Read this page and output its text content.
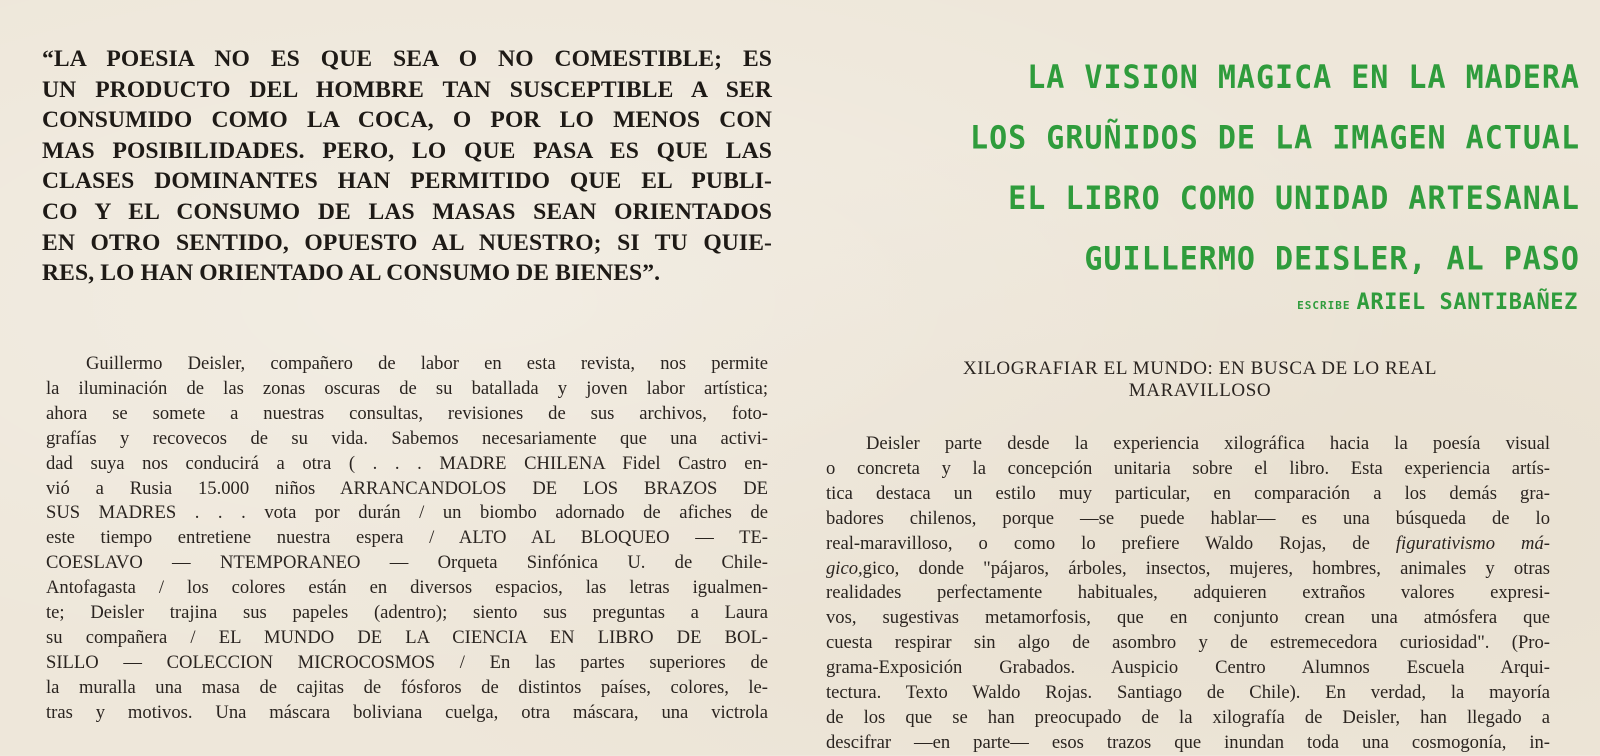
“LA POESIA NO ES QUE SEA O NO COMESTIBLE; ES
UN PRODUCTO DEL HOMBRE TAN SUSCEPTIBLE A SER
CONSUMIDO COMO LA COCA, O POR LO MENOS CON
MAS POSIBILIDADES. PERO, LO QUE PASA ES QUE LAS
CLASES DOMINANTES HAN PERMITIDO QUE EL PUBLI-
CO Y EL CONSUMO DE LAS MASAS SEAN ORIENTADOS
EN OTRO SENTIDO, OPUESTO AL NUESTRO; SI TU QUIE-
RES, LO HAN ORIENTADO AL CONSUMO DE BIENES”.
Guillermo Deisler, compañero de labor en esta revista, nos permite
la iluminación de las zonas oscuras de su batallada y joven labor artística;
ahora se somete a nuestras consultas, revisiones de sus archivos, foto-
grafías y recovecos de su vida. Sabemos necesariamente que una activi-
dad suya nos conducirá a otra ( . . . MADRE CHILENA Fidel Castro en-
vió a Rusia 15.000 niños ARRANCANDOLOS DE LOS BRAZOS DE
SUS MADRES . . . vota por durán / un biombo adornado de afiches de
este tiempo entretiene nuestra espera / ALTO AL BLOQUEO — TE-
COESLAVO — NTEMPORANEO — Orqueta Sinfónica U. de Chile-
Antofagasta / los colores están en diversos espacios, las letras igualmen-
te; Deisler trajina sus papeles (adentro); siento sus preguntas a Laura
su compañera / EL MUNDO DE LA CIENCIA EN LIBRO DE BOL-
SILLO — COLECCION MICROCOSMOS / En las partes superiores de
la muralla una masa de cajitas de fósforos de distintos países, colores, le-
tras y motivos. Una máscara boliviana cuelga, otra máscara, una victrola
LA VISION MAGICA EN LA MADERA
LOS GRUÑIDOS DE LA IMAGEN ACTUAL
EL LIBRO COMO UNIDAD ARTESANAL
GUILLERMO DEISLER, AL PASO
ESCRIBE ARIEL SANTIBAÑEZ
XILOGRAFIAR EL MUNDO: EN BUSCA DE LO REAL
MARAVILLOSO
Deisler parte desde la experiencia xilográfica hacia la poesía visual
o concreta y la concepción unitaria sobre el libro. Esta experiencia artís-
tica destaca un estilo muy particular, en comparación a los demás gra-
badores chilenos, porque —se puede hablar— es una búsqueda de lo
real-maravilloso, o como lo prefiere Waldo Rojas, de figurativismo má-
gico,gico, donde "pájaros, árboles, insectos, mujeres, hombres, animales y otras
realidades perfectamente habituales, adquieren extraños valores expresi-
vos, sugestivas metamorfosis, que en conjunto crean una atmósfera que
cuesta respirar sin algo de asombro y de estremecedora curiosidad". (Pro-
grama-Exposición Grabados. Auspicio Centro Alumnos Escuela Arqui-
tectura. Texto Waldo Rojas. Santiago de Chile). En verdad, la mayoría
de los que se han preocupado de la xilografía de Deisler, han llegado a
descifrar —en parte— esos trazos que inundan toda una cosmogonía, in-
